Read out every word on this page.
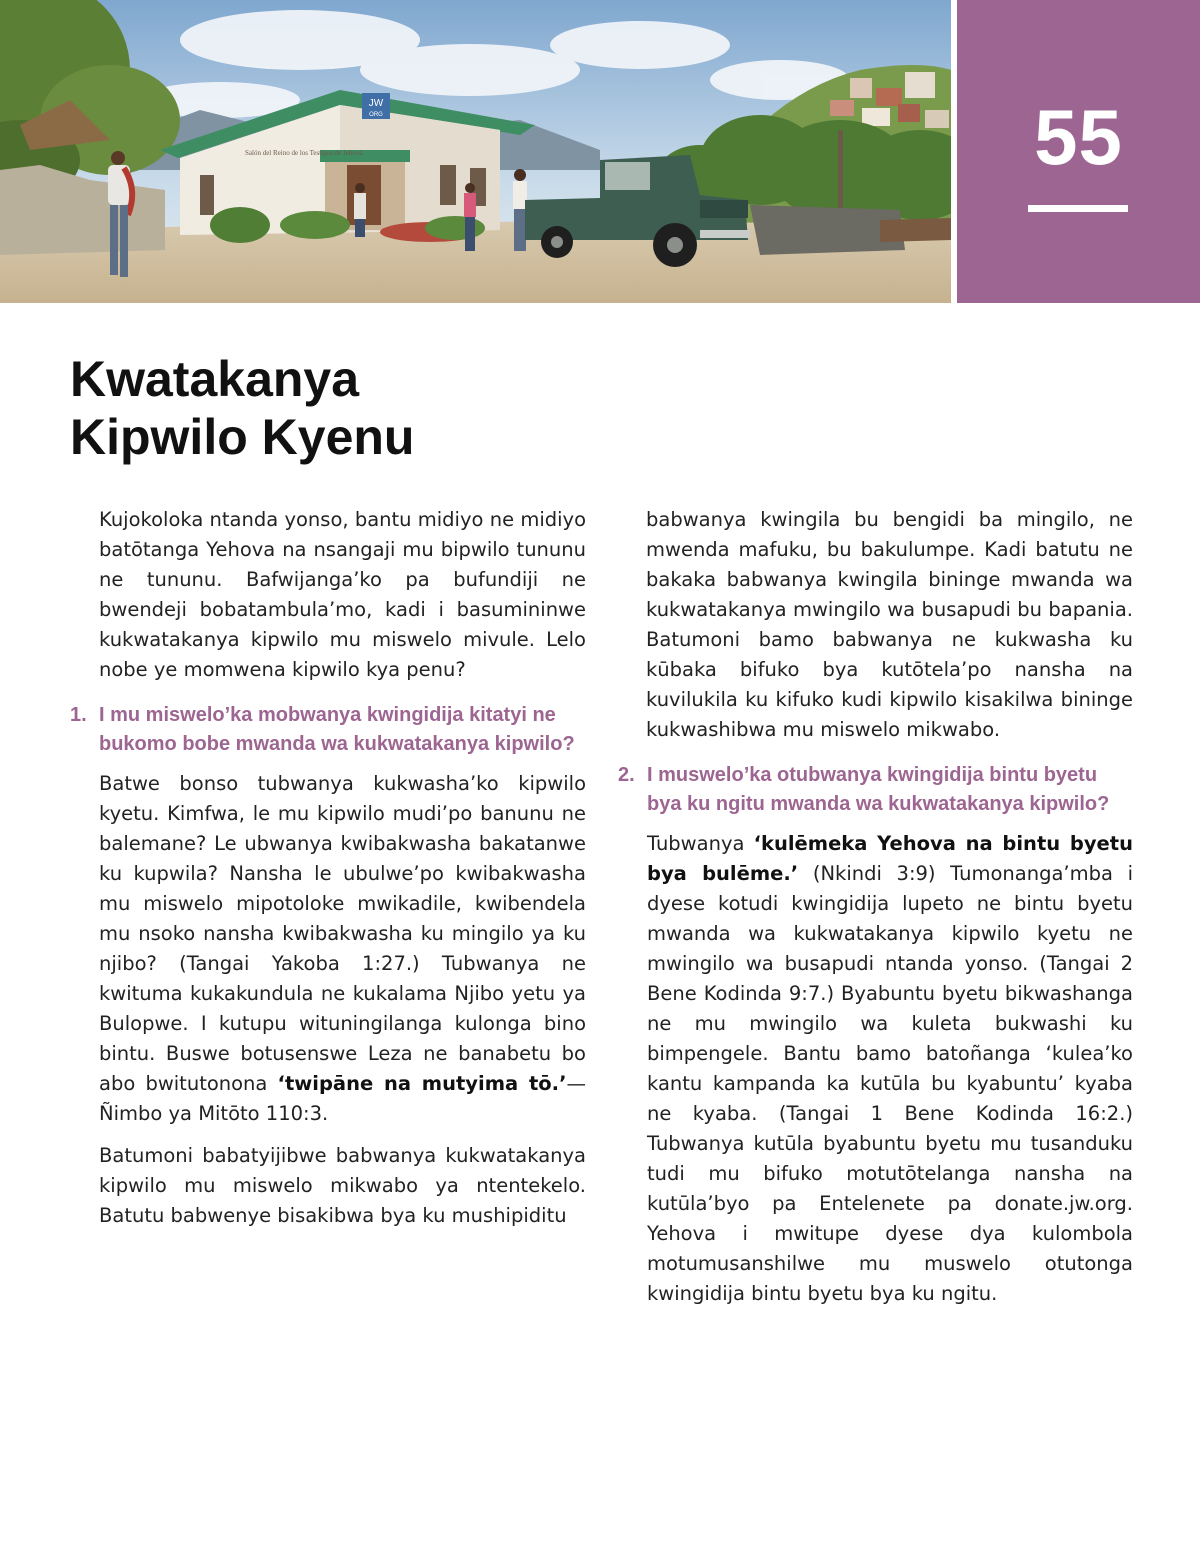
Salón del Reino de los Testigos de Jehová
JW
ORG	55
Kwatakanya
Kipwilo Kyenu

Kujokoloka ntanda yonso, bantu midiyo ne midiyo batōtanga Yehova na nsangaji mu bipwilo tununu ne tununu. Bafwijanga’ko pa bufundiji ne bwendeji bobatambula’mo, kadi i basumininwe kukwatakanya kipwilo mu miswelo mivule. Lelo nobe ye momwena kipwilo kya penu?

1. I mu miswelo’ka mobwanya kwingidija kitatyi ne bukomo bobe mwanda wa kukwatakanya kipwilo?

Batwe bonso tubwanya kukwasha’ko kipwilo kyetu. Kimfwa, le mu kipwilo mudi’po banunu ne balemane? Le ubwanya kwibakwasha bakatanwe ku kupwila? Nansha le ubulwe’po kwibakwasha mu miswelo mipotoloke mwikadile, kwibendela mu nsoko nansha kwibakwasha ku mingilo ya ku njibo? (Tangai Yakoba 1:27.) Tubwanya ne kwituma kukakundula ne kukalama Njibo yetu ya Bulopwe. I kutupu wituningilanga kulonga bino bintu. Buswe botusenswe Leza ne banabetu bo abo bwitutonona ‘twipāne na mutyima tō.’—Ñimbo ya Mitōto 110:3.

Batumoni babatyijibwe babwanya kukwatakanya kipwilo mu miswelo mikwabo ya ntentekelo. Batutu babwenye bisakibwa bya ku mushipiditu

babwanya kwingila bu bengidi ba mingilo, ne mwenda mafuku, bu bakulumpe. Kadi batutu ne bakaka babwanya kwingila bininge mwanda wa kukwatakanya mwingilo wa busapudi bu bapania. Batumoni bamo babwanya ne kukwasha ku kūbaka bifuko bya kutōtela’po nansha na kuvilukila ku kifuko kudi kipwilo kisakilwa bininge kukwashibwa mu miswelo mikwabo.

2. I muswelo’ka otubwanya kwingidija bintu byetu bya ku ngitu mwanda wa kukwatakanya kipwilo?

Tubwanya ‘kulēmeka Yehova na bintu byetu bya bulēme.’ (Nkindi 3:9) Tumonanga’mba i dyese kotudi kwingidija lupeto ne bintu byetu mwanda wa kukwatakanya kipwilo kyetu ne mwingilo wa busapudi ntanda yonso. (Tangai 2 Bene Kodinda 9:7.) Byabuntu byetu bikwashanga ne mu mwingilo wa kuleta bukwashi ku bimpengele. Bantu bamo batoñanga ‘kulea’ko kantu kampanda ka kutūla bu kyabuntu’ kyaba ne kyaba. (Tangai 1 Bene Kodinda 16:2.) Tubwanya kutūla byabuntu byetu mu tusanduku tudi mu bifuko motutōtelanga nansha na kutūla’byo pa Entelenete pa donate.jw.org. Yehova i mwitupe dyese dya kulombola motumusanshilwe mu muswelo otutonga kwingidija bintu byetu bya ku ngitu.
